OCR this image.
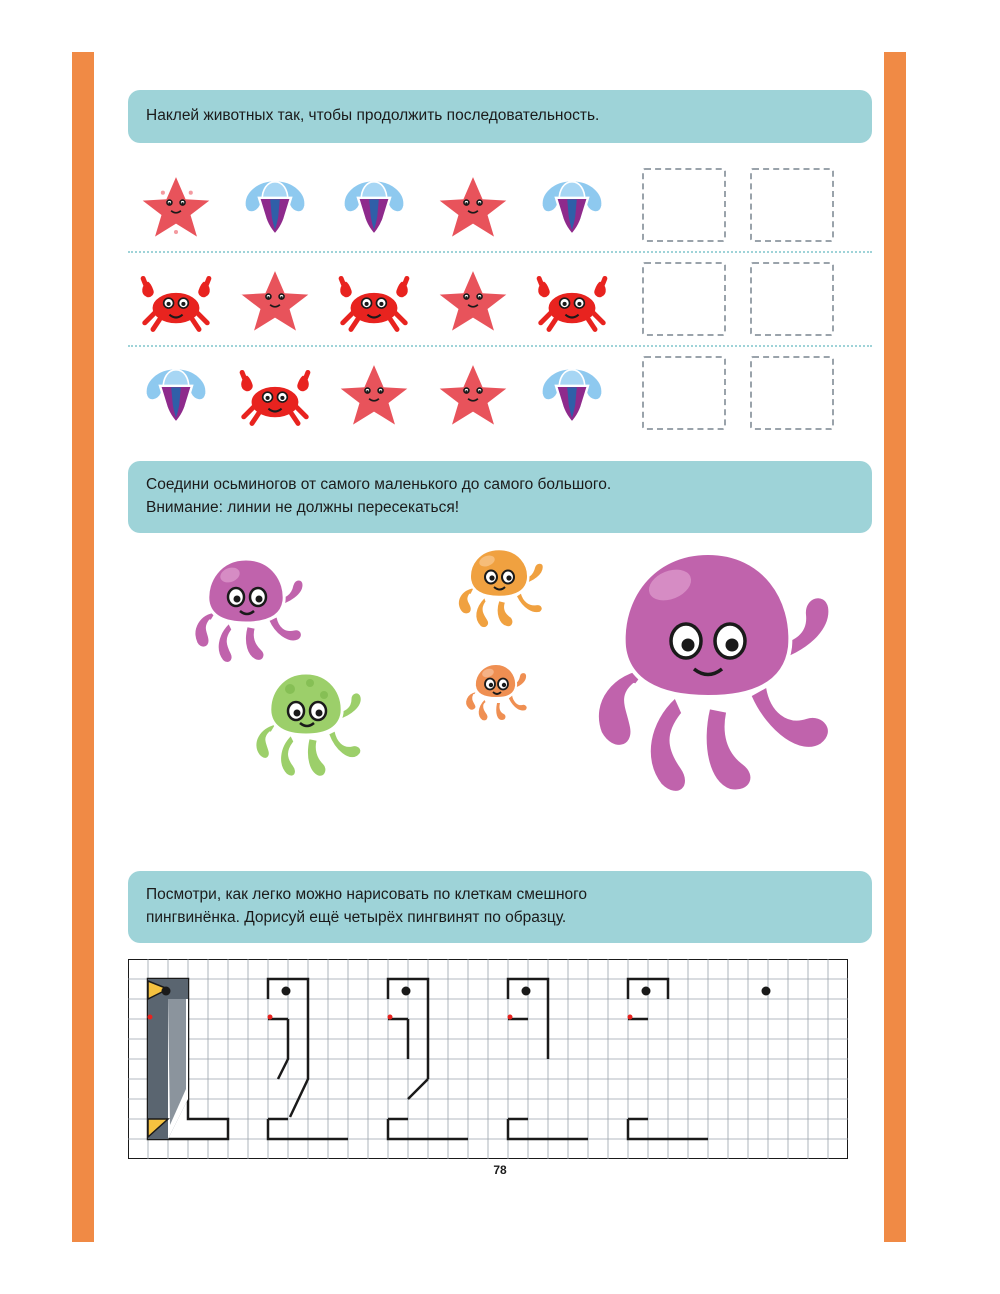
Наклей животных так, чтобы продолжить последовательность.
Соедини осьминогов от самого маленького до самого большого.
Внимание: линии не должны пересекаться!
Посмотри, как легко можно нарисовать по клеткам смешного
пингвинёнка. Дорисуй ещё четырёх пингвинят по образцу.
78
